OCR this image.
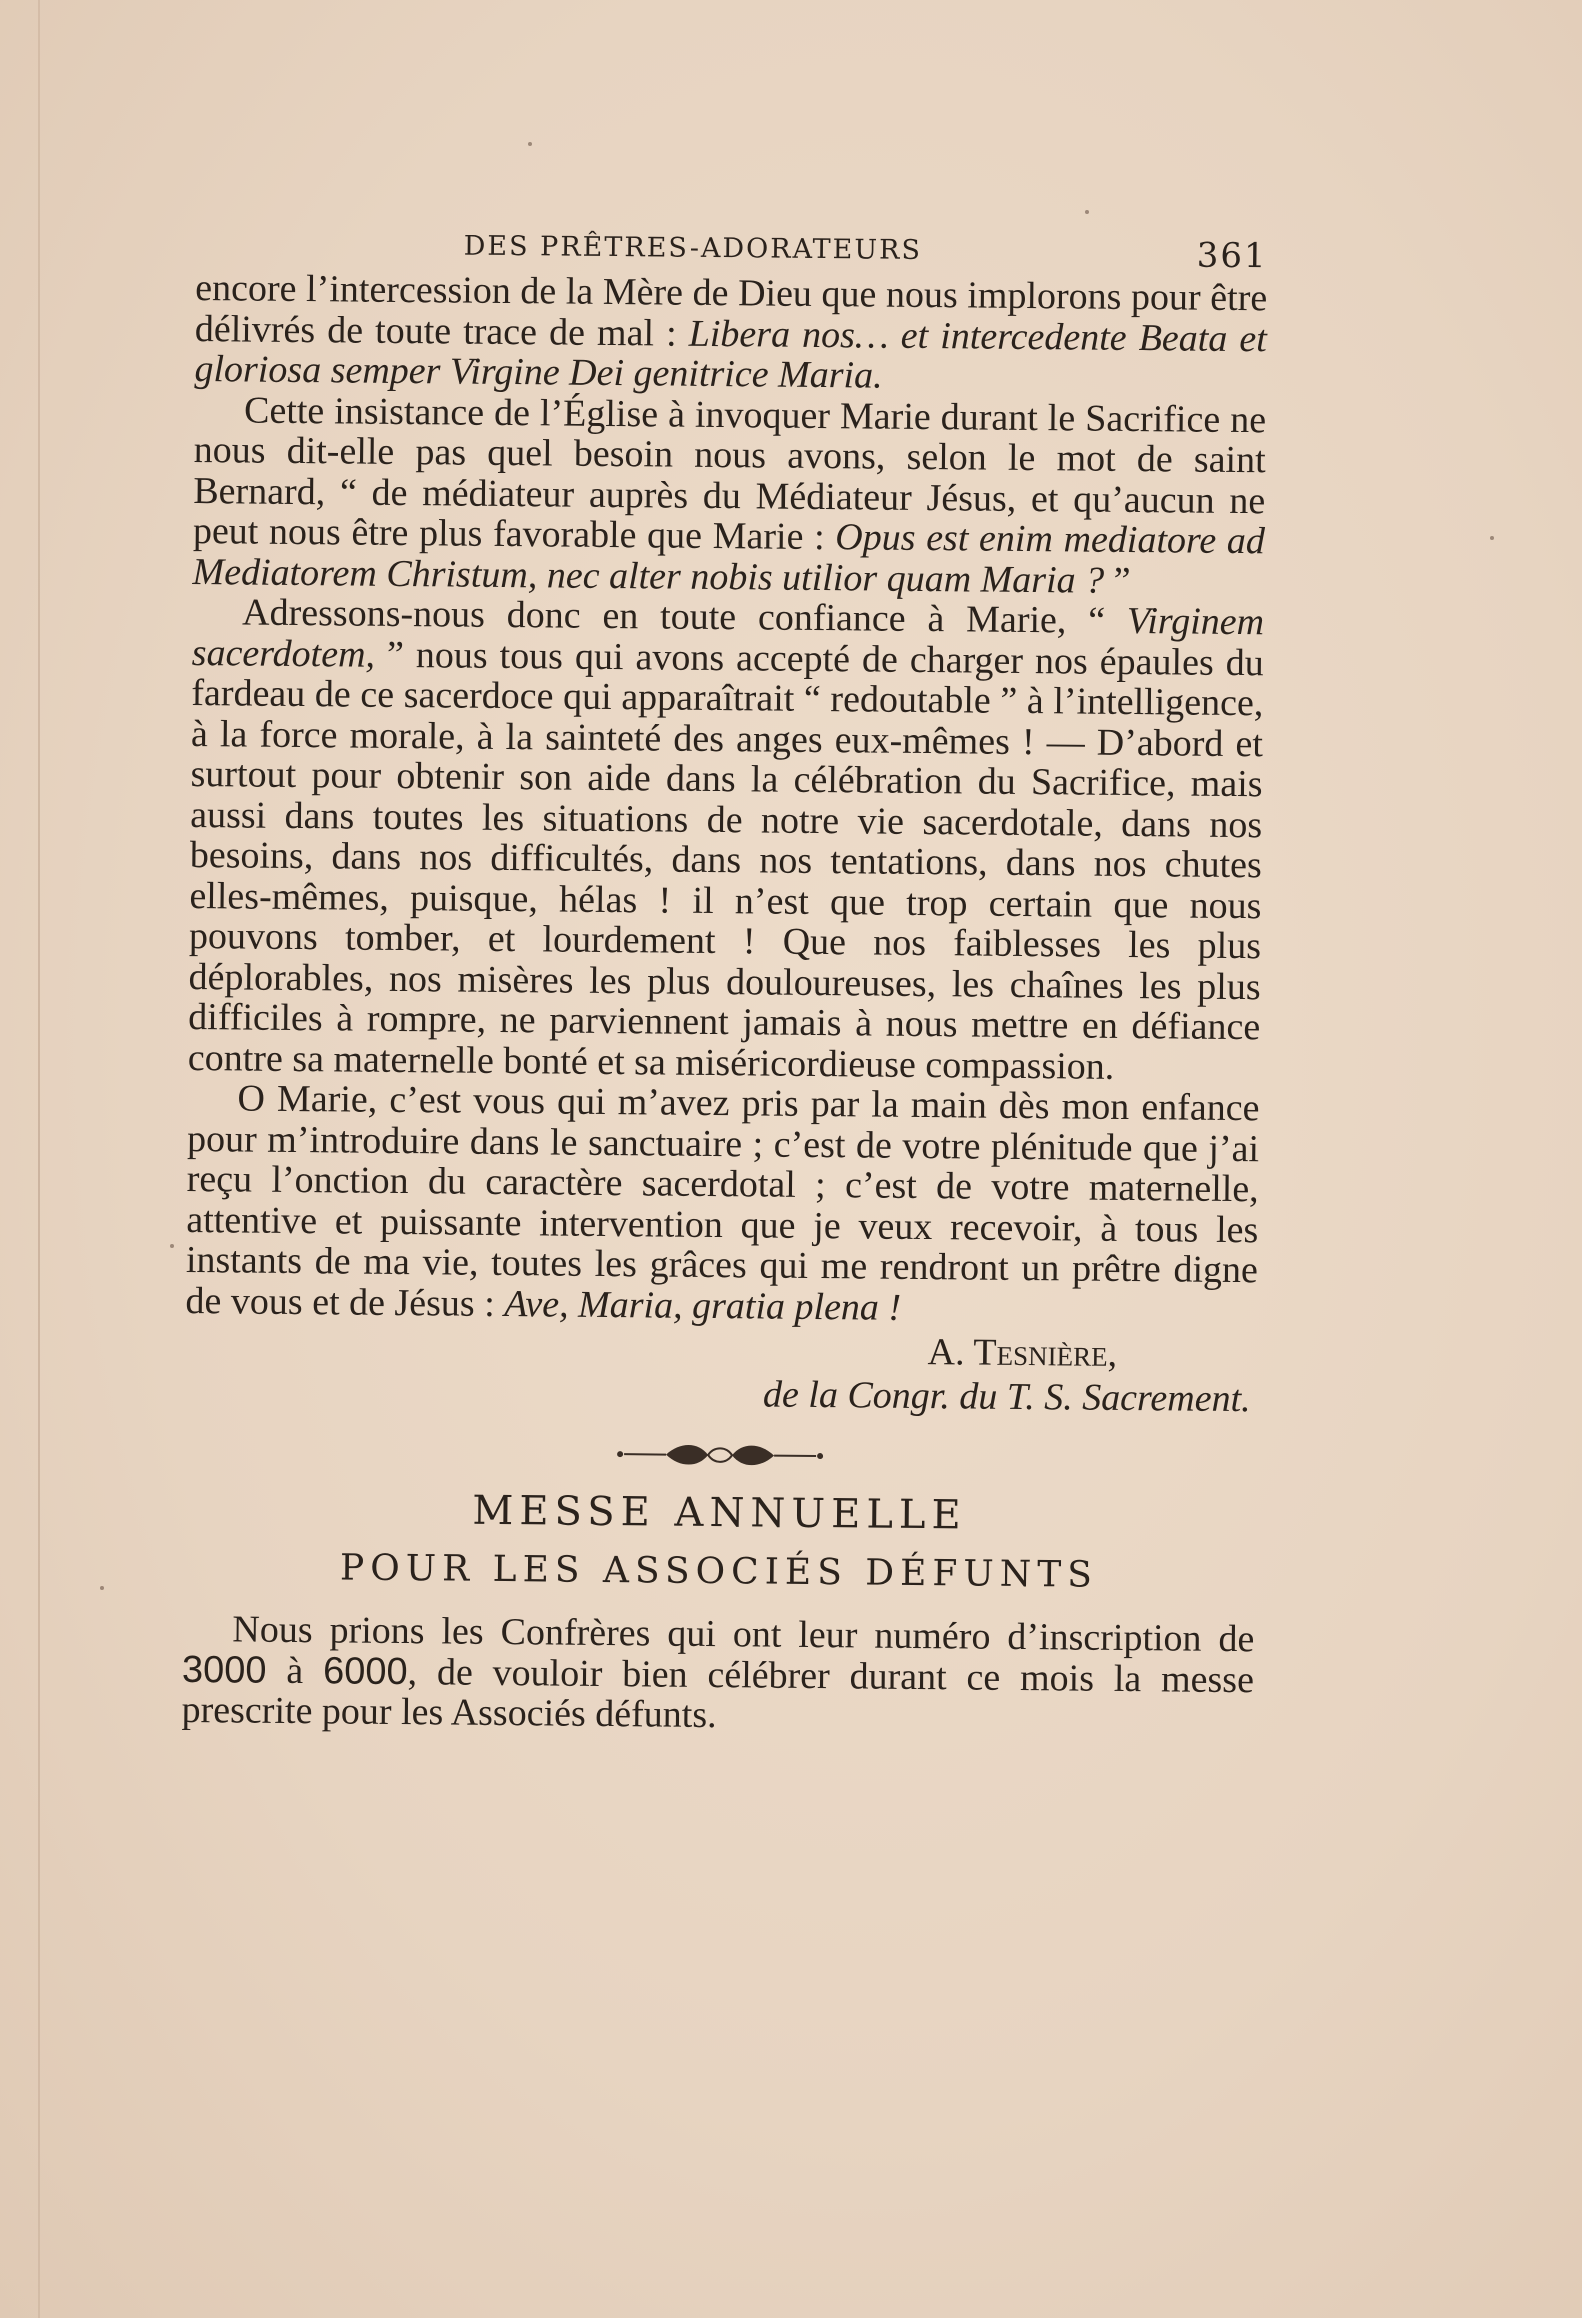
DES PRÊTRES-ADORATEURS	361

encore l’intercession de la Mère de Dieu que nous implorons pour être délivrés de toute trace de mal : Libera nos… et intercedente Beata et gloriosa semper Virgine Dei genitrice Maria.

Cette insistance de l’Église à invoquer Marie durant le Sacrifice ne nous dit-elle pas quel besoin nous avons, selon le mot de saint Bernard, “ de médiateur auprès du Médiateur Jésus, et qu’aucun ne peut nous être plus favorable que Marie : Opus est enim mediatore ad Mediatorem Christum, nec alter nobis utilior quam Maria ? ”

Adressons-nous donc en toute confiance à Marie, “ Virginem sacerdotem, ” nous tous qui avons accepté de charger nos épaules du fardeau de ce sacerdoce qui apparaîtrait “ redoutable ” à l’intelligence, à la force morale, à la sainteté des anges eux-mêmes ! — D’abord et surtout pour obtenir son aide dans la célébration du Sacrifice, mais aussi dans toutes les situations de notre vie sacerdotale, dans nos besoins, dans nos difficultés, dans nos tentations, dans nos chutes elles-mêmes, puisque, hélas ! il n’est que trop certain que nous pouvons tomber, et lourdement ! Que nos faiblesses les plus déplorables, nos misères les plus douloureuses, les chaînes les plus difficiles à rompre, ne parviennent jamais à nous mettre en défiance contre sa maternelle bonté et sa miséricordieuse compassion.

O Marie, c’est vous qui m’avez pris par la main dès mon enfance pour m’introduire dans le sanctuaire ; c’est de votre plénitude que j’ai reçu l’onction du caractère sacerdotal ; c’est de votre maternelle, attentive et puissante intervention que je veux recevoir, à tous les instants de ma vie, toutes les grâces qui me rendront un prêtre digne de vous et de Jésus : Ave, Maria, gratia plena !

A. Tesnière,
de la Congr. du T. S. Sacrement.
MESSE ANNUELLE
POUR LES ASSOCIÉS DÉFUNTS

Nous prions les Confrères qui ont leur numéro d’inscription de 3000 à 6000, de vouloir bien célébrer durant ce mois la messe prescrite pour les Associés défunts.
